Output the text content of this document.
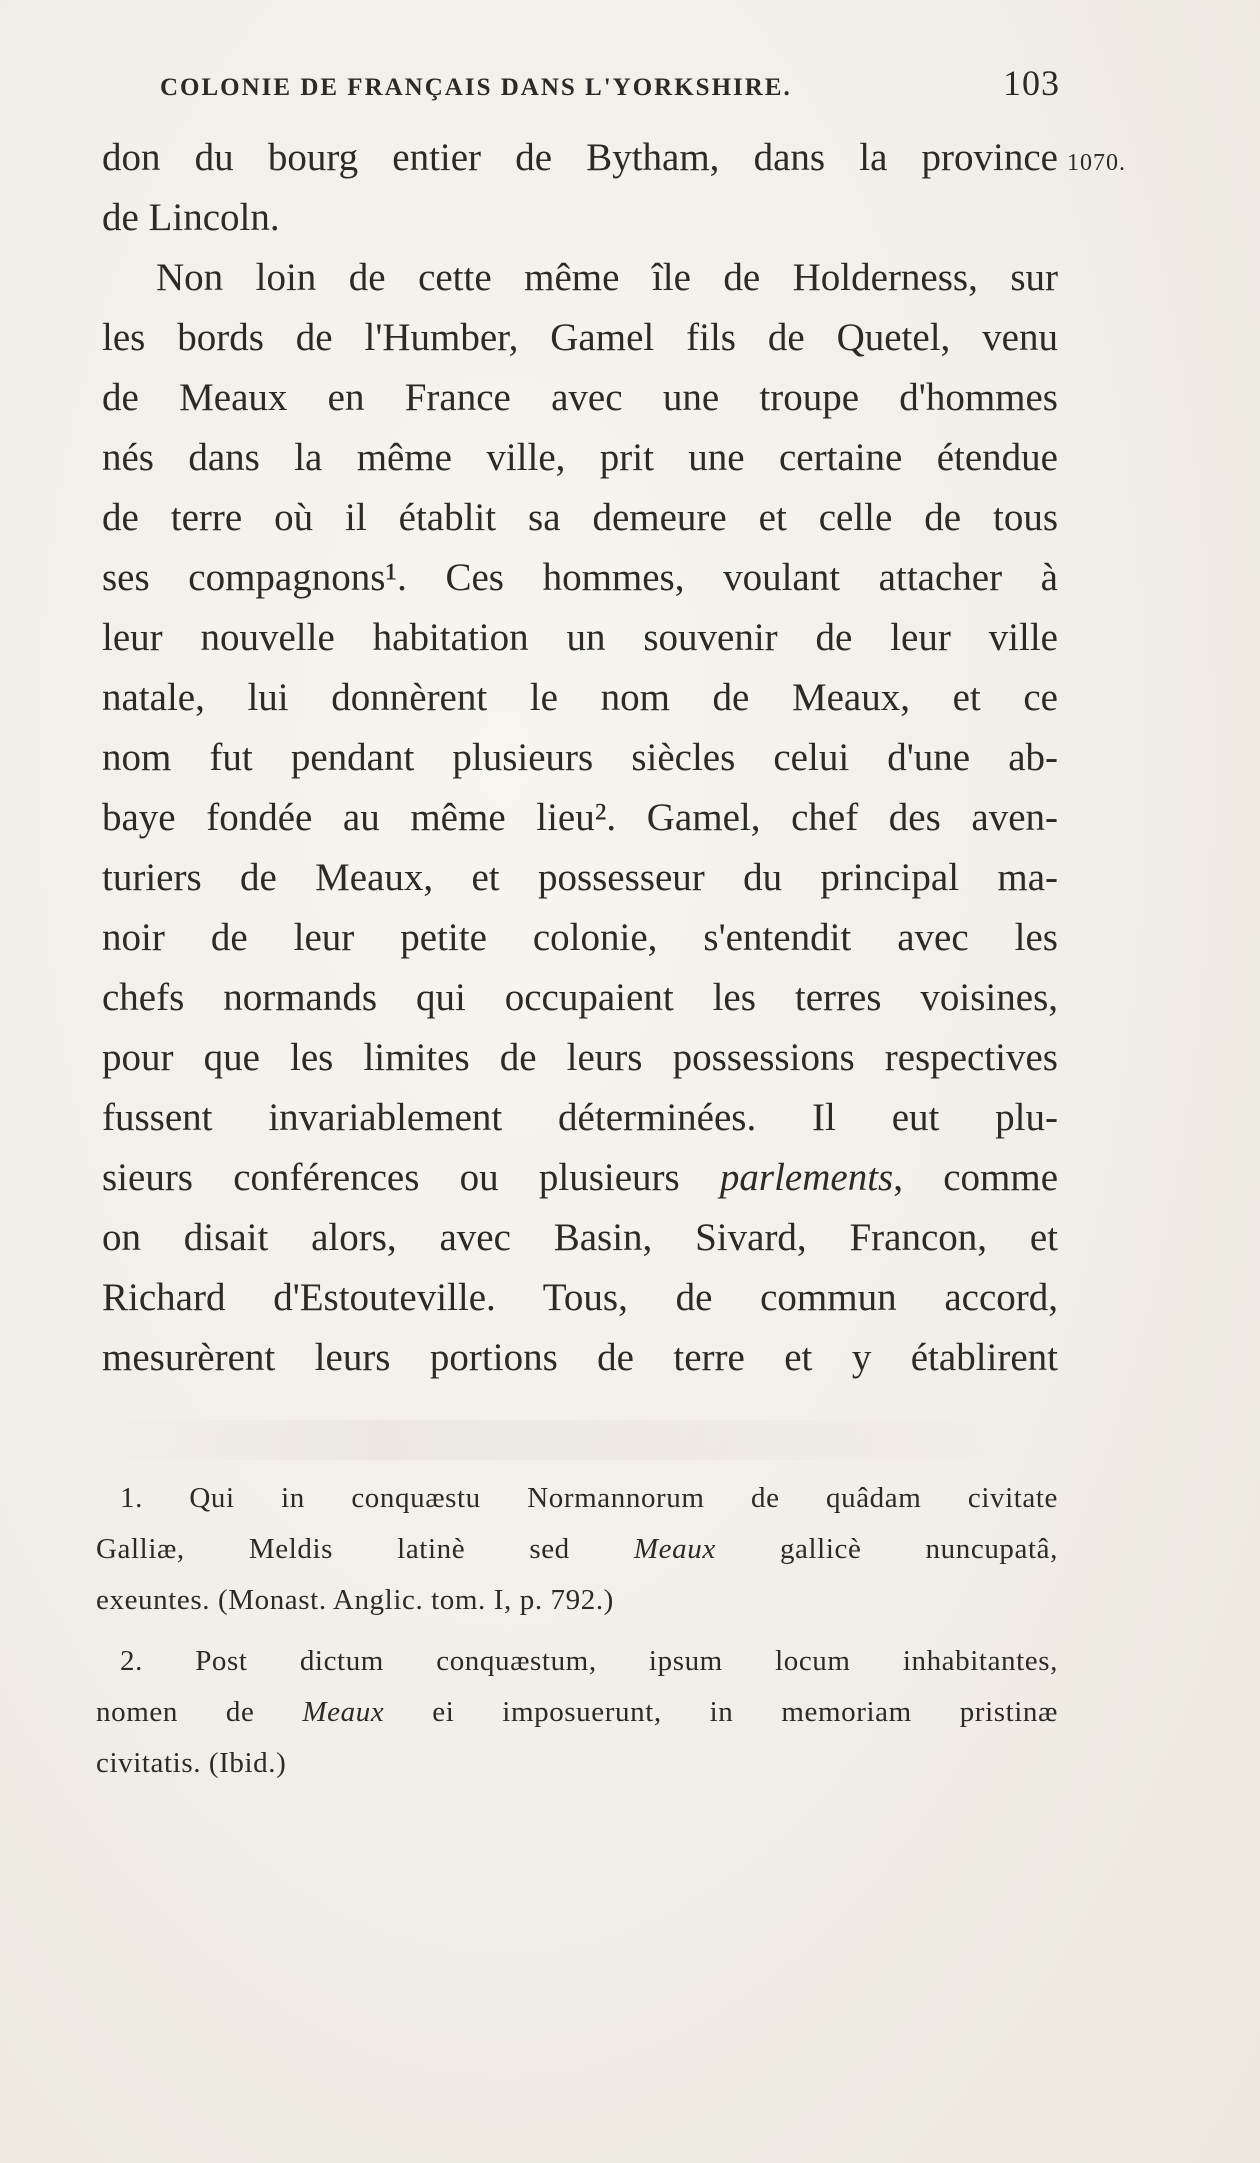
COLONIE DE FRANÇAIS DANS L'YORKSHIRE.	103
1070.
don du bourg entier de Bytham, dans la province
de Lincoln.
Non loin de cette même île de Holderness, sur
les bords de l'Humber, Gamel fils de Quetel, venu
de Meaux en France avec une troupe d'hommes
nés dans la même ville, prit une certaine étendue
de terre où il établit sa demeure et celle de tous
ses compagnons¹. Ces hommes, voulant attacher à
leur nouvelle habitation un souvenir de leur ville
natale, lui donnèrent le nom de Meaux, et ce
nom fut pendant plusieurs siècles celui d'une ab-
baye fondée au même lieu². Gamel, chef des aven-
turiers de Meaux, et possesseur du principal ma-
noir de leur petite colonie, s'entendit avec les
chefs normands qui occupaient les terres voisines,
pour que les limites de leurs possessions respectives
fussent invariablement déterminées. Il eut plu-
sieurs conférences ou plusieurs parlements, comme
on disait alors, avec Basin, Sivard, Francon, et
Richard d'Estouteville. Tous, de commun accord,
mesurèrent leurs portions de terre et y établirent
1. Qui in conquæstu Normannorum de quâdam civitate
Galliæ, Meldis latinè sed Meaux gallicè nuncupatâ,
exeuntes. (Monast. Anglic. tom. I, p. 792.)
2. Post dictum conquæstum, ipsum locum inhabitantes,
nomen de Meaux ei imposuerunt, in memoriam pristinæ
civitatis. (Ibid.)
